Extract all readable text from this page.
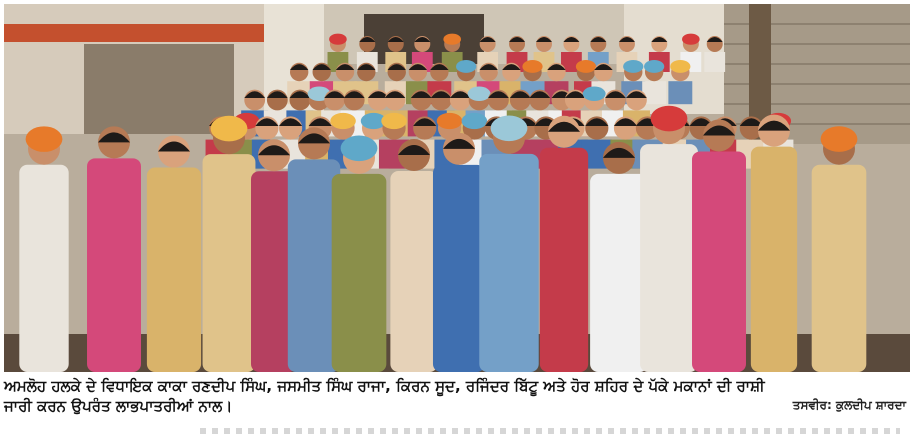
ਅਮਲੋਹ ਹਲਕੇ ਦੇ ਵਿਧਾਇਕ ਕਾਕਾ ਰਣਦੀਪ ਸਿੰਘ, ਜਸਮੀਤ ਸਿੰਘ ਰਾਜਾ, ਕਿਰਨ ਸੂਦ, ਰਜਿੰਦਰ ਬਿੱਟੂ ਅਤੇ ਹੋਰ ਸ਼ਹਿਰ ਦੇ ਪੱਕੇ ਮਕਾਨਾਂ ਦੀ ਰਾਸ਼ੀ
ਜਾਰੀ ਕਰਨ ਉਪਰੰਤ ਲਾਭਪਾਤਰੀਆਂ ਨਾਲ।	ਤਸਵੀਰ: ਕੁਲਦੀਪ ਸ਼ਾਰਦਾ
